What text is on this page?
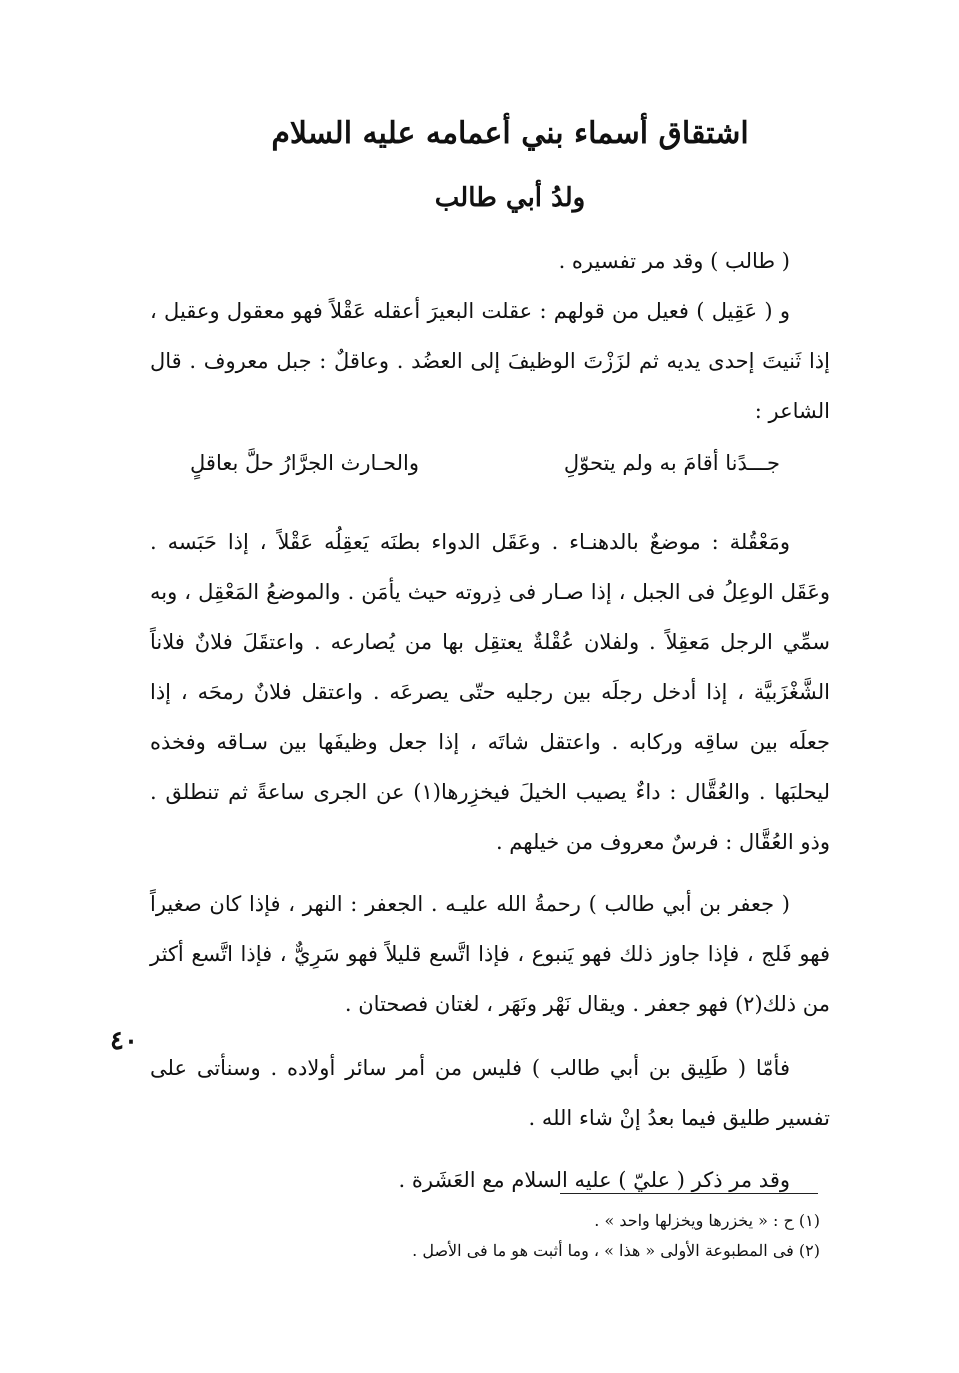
اشتقاق أسماء بني أعمامه عليه السلام
ولدُ أبي طالب

( طالب ) وقد مر تفسيره .

و ( عَقِيل ) فعيل من قولهم : عقلت البعيرَ أعقله عَقْلاً فهو معقول وعقيل ، إذا ثَنيتَ إحدى يديه ثم لزَزْتَ الوظيفَ إلى العضُد . وعاقلٌ : جبل معروف . قال الشاعر :

والحـارث الجرَّارُ حلَّ بعاقلٍ	جـــدًنا أقامَ به ولم يتحوّلِ

ومَعْقُلة : موضعٌ بالدهنـاء . وعَقَل الدواء بطنَه يَعقِلُه عَقْلاً ، إذا حَبَسه . وعَقَل الوعِلُ فى الجبل ، إذا صـار فى ذِروته حيث يأمَن . والموضعُ المَعْقِل ، وبه سمِّي الرجل مَعقِلاً . ولفلان عُقْلةٌ يعتقِل بها من يُصارعه . واعتقَلَ فلانٌ فلاناً الشَّغْزَبيَّة ، إذا أدخل رجلَه بين رجليه حتّى يصرعَه . واعتقل فلانٌ رمحَه ، إذا جعلَه بين ساقِه وركابه . واعتقل شاتَه ، إذا جعل وظيفَها بين سـاقه وفخذه ليحلبَها . والعُقَّال : داءٌ يصيب الخيلَ فيخزِرها(١) عن الجرى ساعةً ثم تنطلق . وذو العُقَّال : فرسٌ معروف من خيلهم .

( جعفر بن أبي طالب ) رحمةُ الله عليـه . الجعفر : النهر ، فإذا كان صغيراً فهو فَلج ، فإذا جاوز ذلك فهو يَنبوع ، فإذا اتَّسع قليلاً فهو سَرِيٌّ ، فإذا اتَّسع أكثر من ذلك(٢) فهو جعفر . ويقال نَهْر ونَهَر ، لغتان فصحتان .

٤٠

فأمّا ( طَلِيق بن أبي طالب ) فليس من أمر سائر أولاده . وسنأتى على تفسير طليق فيما بعدُ إنْ شاء الله .

وقد مر ذكر ( عليّ ) عليه السلام مع العَشَرة .

(١) ح : « يخزرها ويخزلها واحد » .

(٢) فى المطبوعة الأولى « هذا » ، وما أثبت هو ما فى الأصل .
